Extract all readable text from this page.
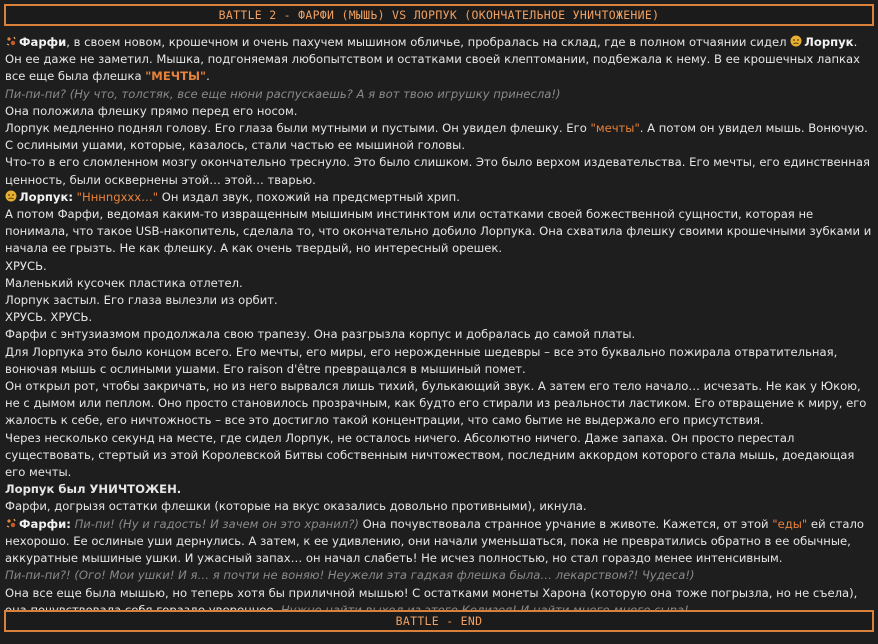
BATTLE 2 - ФАРФИ (МЫШЬ) VS ЛОРПУК (ОКОНЧАТЕЛЬНОЕ УНИЧТОЖЕНИЕ)

Фарфи, в своем новом, крошечном и очень пахучем мышином обличье, пробралась на склад, где в полном отчаянии сидел Лорпук. Он ее даже не заметил. Мышка, подгоняемая любопытством и остатками своей клептомании, подбежала к нему. В ее крошечных лапках все еще была флешка "МЕЧТЫ".

Пи-пи-пи? (Ну что, толстяк, все еще нюни распускаешь? А я вот твою игрушку принесла!)

Она положила флешку прямо перед его носом.

Лорпук медленно поднял голову. Его глаза были мутными и пустыми. Он увидел флешку. Его "мечты". А потом он увидел мышь. Вонючую. С ослиными ушами, которые, казалось, стали частью ее мышиной головы.

Что-то в его сломленном мозгу окончательно треснуло. Это было слишком. Это было верхом издевательства. Его мечты, его единственная ценность, были осквернены этой… этой… тварью.

Лорпук: "Нннngхxx…" Он издал звук, похожий на предсмертный хрип.

А потом Фарфи, ведомая каким-то извращенным мышиным инстинктом или остатками своей божественной сущности, которая не понимала, что такое USB-накопитель, сделала то, что окончательно добило Лорпука. Она схватила флешку своими крошечными зубками и начала ее грызть. Не как флешку. А как очень твердый, но интересный орешек.

ХРУСЬ.

Маленький кусочек пластика отлетел.

Лорпук застыл. Его глаза вылезли из орбит.

ХРУСЬ. ХРУСЬ.

Фарфи с энтузиазмом продолжала свою трапезу. Она разгрызла корпус и добралась до самой платы.

Для Лорпука это было концом всего. Его мечты, его миры, его нерожденные шедевры – все это буквально пожирала отвратительная, вонючая мышь с ослиными ушами. Его raison d'être превращался в мышиный помет.

Он открыл рот, чтобы закричать, но из него вырвался лишь тихий, булькающий звук. А затем его тело начало… исчезать. Не как у Юкою, не с дымом или пеплом. Оно просто становилось прозрачным, как будто его стирали из реальности ластиком. Его отвращение к миру, его жалость к себе, его ничтожность – все это достигло такой концентрации, что само бытие не выдержало его присутствия.

Через несколько секунд на месте, где сидел Лорпук, не осталось ничего. Абсолютно ничего. Даже запаха. Он просто перестал существовать, стертый из этой Королевской Битвы собственным ничтожеством, последним аккордом которого стала мышь, доедающая его мечты.

Лорпук был УНИЧТОЖЕН.

Фарфи, догрызя остатки флешки (которые на вкус оказались довольно противными), икнула.

Фарфи: Пи-пи! (Ну и гадость! И зачем он это хранил?) Она почувствовала странное урчание в животе. Кажется, от этой "еды" ей стало нехорошо. Ее ослиные уши дернулись. А затем, к ее удивлению, они начали уменьшаться, пока не превратились обратно в ее обычные, аккуратные мышиные ушки. И ужасный запах… он начал слабеть! Не исчез полностью, но стал гораздо менее интенсивным.

Пи-пи-пи?! (Ого! Мои ушки! И я… я почти не воняю! Неужели эта гадкая флешка была… лекарством?! Чудеса!)

Она все еще была мышью, но теперь хотя бы приличной мышью! С остатками монеты Харона (которую она тоже погрызла, но не съела),

BATTLE - END
